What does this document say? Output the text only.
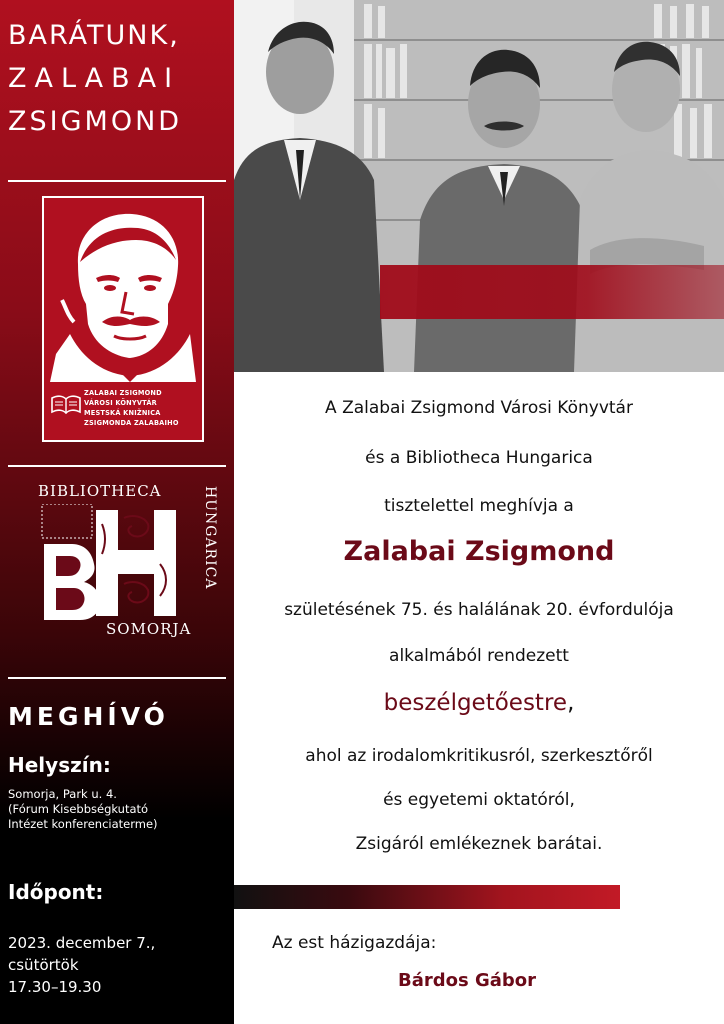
BARÁTUNK,
ZALABAI
ZSIGMOND
ZALABAI ZSIGMOND
VÁROSI KÖNYVTÁR
MESTSKÁ KNIŽNICA
ZSIGMONDA ZALABAIHO
BIBLIOTHECA	HUNGARICA
SOMORJA
MEGHÍVÓ
Helyszín:
Somorja, Park u. 4.
(Fórum Kisebbségkutató
Intézet konferenciaterme)
Időpont:
2023. december 7.,
csütörtök
17.30–19.30
A Zalabai Zsigmond Városi Könyvtár
és a Bibliotheca Hungarica
tisztelettel meghívja a
Zalabai Zsigmond
születésének 75. és halálának 20. évfordulója
alkalmából rendezett
beszélgetőestre,
ahol az irodalomkritikusról, szerkesztőről
és egyetemi oktatóról,
Zsigáról emlékeznek barátai.
Az est házigazdája:
Bárdos Gábor
